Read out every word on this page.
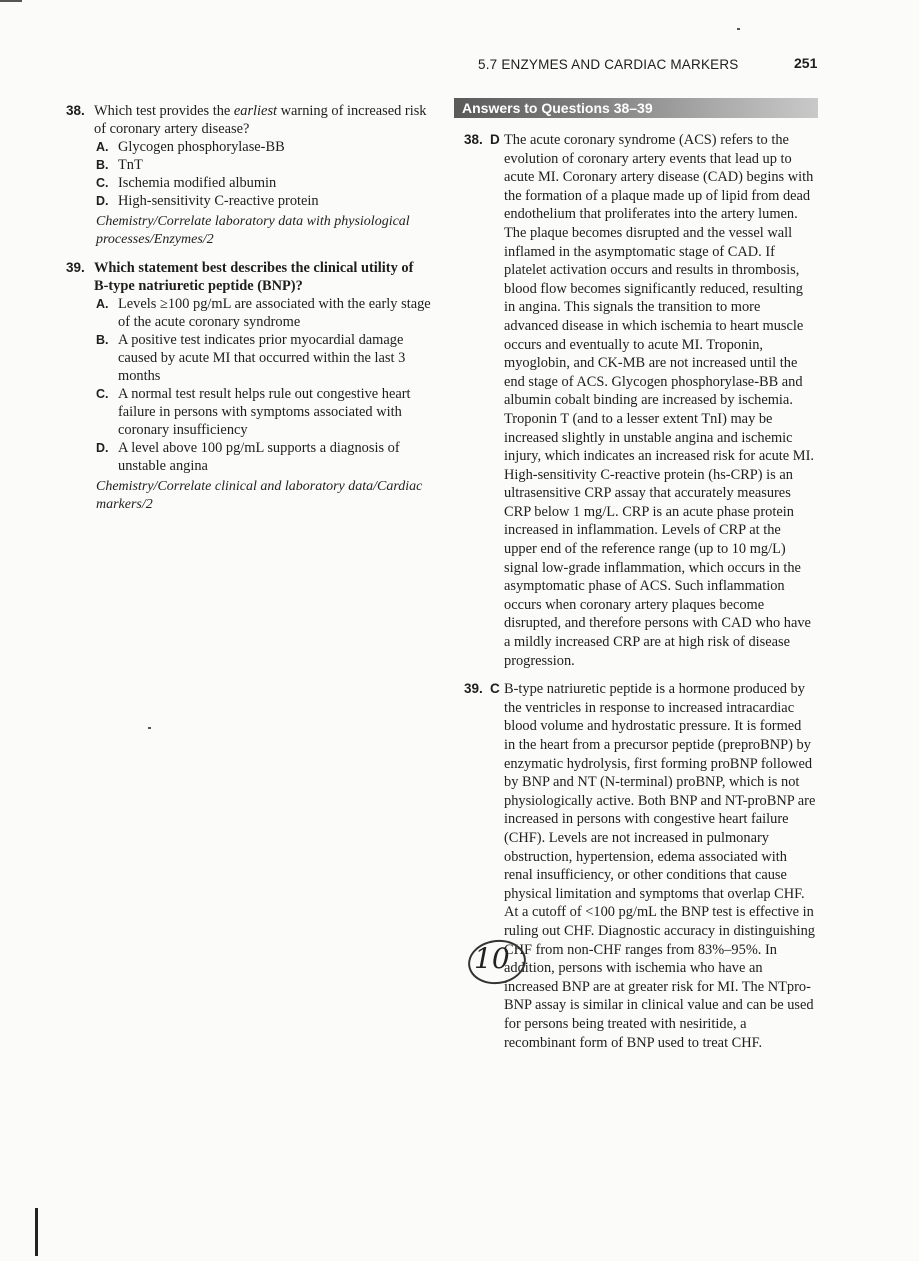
5.7 ENZYMES AND CARDIAC MARKERS	251
38. Which test provides the earliest warning of increased risk of coronary artery disease?
A. Glycogen phosphorylase-BB
B. TnT
C. Ischemia modified albumin
D. High-sensitivity C-reactive protein
Chemistry/Correlate laboratory data with physiological processes/Enzymes/2
39. Which statement best describes the clinical utility of B-type natriuretic peptide (BNP)?
A. Levels ≥100 pg/mL are associated with the early stage of the acute coronary syndrome
B. A positive test indicates prior myocardial damage caused by acute MI that occurred within the last 3 months
C. A normal test result helps rule out congestive heart failure in persons with symptoms associated with coronary insufficiency
D. A level above 100 pg/mL supports a diagnosis of unstable angina
Chemistry/Correlate clinical and laboratory data/Cardiac markers/2
Answers to Questions 38–39
38. D The acute coronary syndrome (ACS) refers to the evolution of coronary artery events that lead up to acute MI. Coronary artery disease (CAD) begins with the formation of a plaque made up of lipid from dead endothelium that proliferates into the artery lumen. The plaque becomes disrupted and the vessel wall inflamed in the asymptomatic stage of CAD. If platelet activation occurs and results in thrombosis, blood flow becomes significantly reduced, resulting in angina. This signals the transition to more advanced disease in which ischemia to heart muscle occurs and eventually to acute MI. Troponin, myoglobin, and CK-MB are not increased until the end stage of ACS. Glycogen phosphorylase-BB and albumin cobalt binding are increased by ischemia. Troponin T (and to a lesser extent TnI) may be increased slightly in unstable angina and ischemic injury, which indicates an increased risk for acute MI. High-sensitivity C-reactive protein (hs-CRP) is an ultrasensitive CRP assay that accurately measures CRP below 1 mg/L. CRP is an acute phase protein increased in inflammation. Levels of CRP at the upper end of the reference range (up to 10 mg/L) signal low-grade inflammation, which occurs in the asymptomatic phase of ACS. Such inflammation occurs when coronary artery plaques become disrupted, and therefore persons with CAD who have a mildly increased CRP are at high risk of disease progression.
39. C B-type natriuretic peptide is a hormone produced by the ventricles in response to increased intracardiac blood volume and hydrostatic pressure. It is formed in the heart from a precursor peptide (preproBNP) by enzymatic hydrolysis, first forming proBNP followed by BNP and NT (N-terminal) proBNP, which is not physiologically active. Both BNP and NT-proBNP are increased in persons with congestive heart failure (CHF). Levels are not increased in pulmonary obstruction, hypertension, edema associated with renal insufficiency, or other conditions that cause physical limitation and symptoms that overlap CHF. At a cutoff of <100 pg/mL the BNP test is effective in ruling out CHF. Diagnostic accuracy in distinguishing CHF from non-CHF ranges from 83%–95%. In addition, persons with ischemia who have an increased BNP are at greater risk for MI. The NTpro-BNP assay is similar in clinical value and can be used for persons being treated with nesiritide, a recombinant form of BNP used to treat CHF.
10
